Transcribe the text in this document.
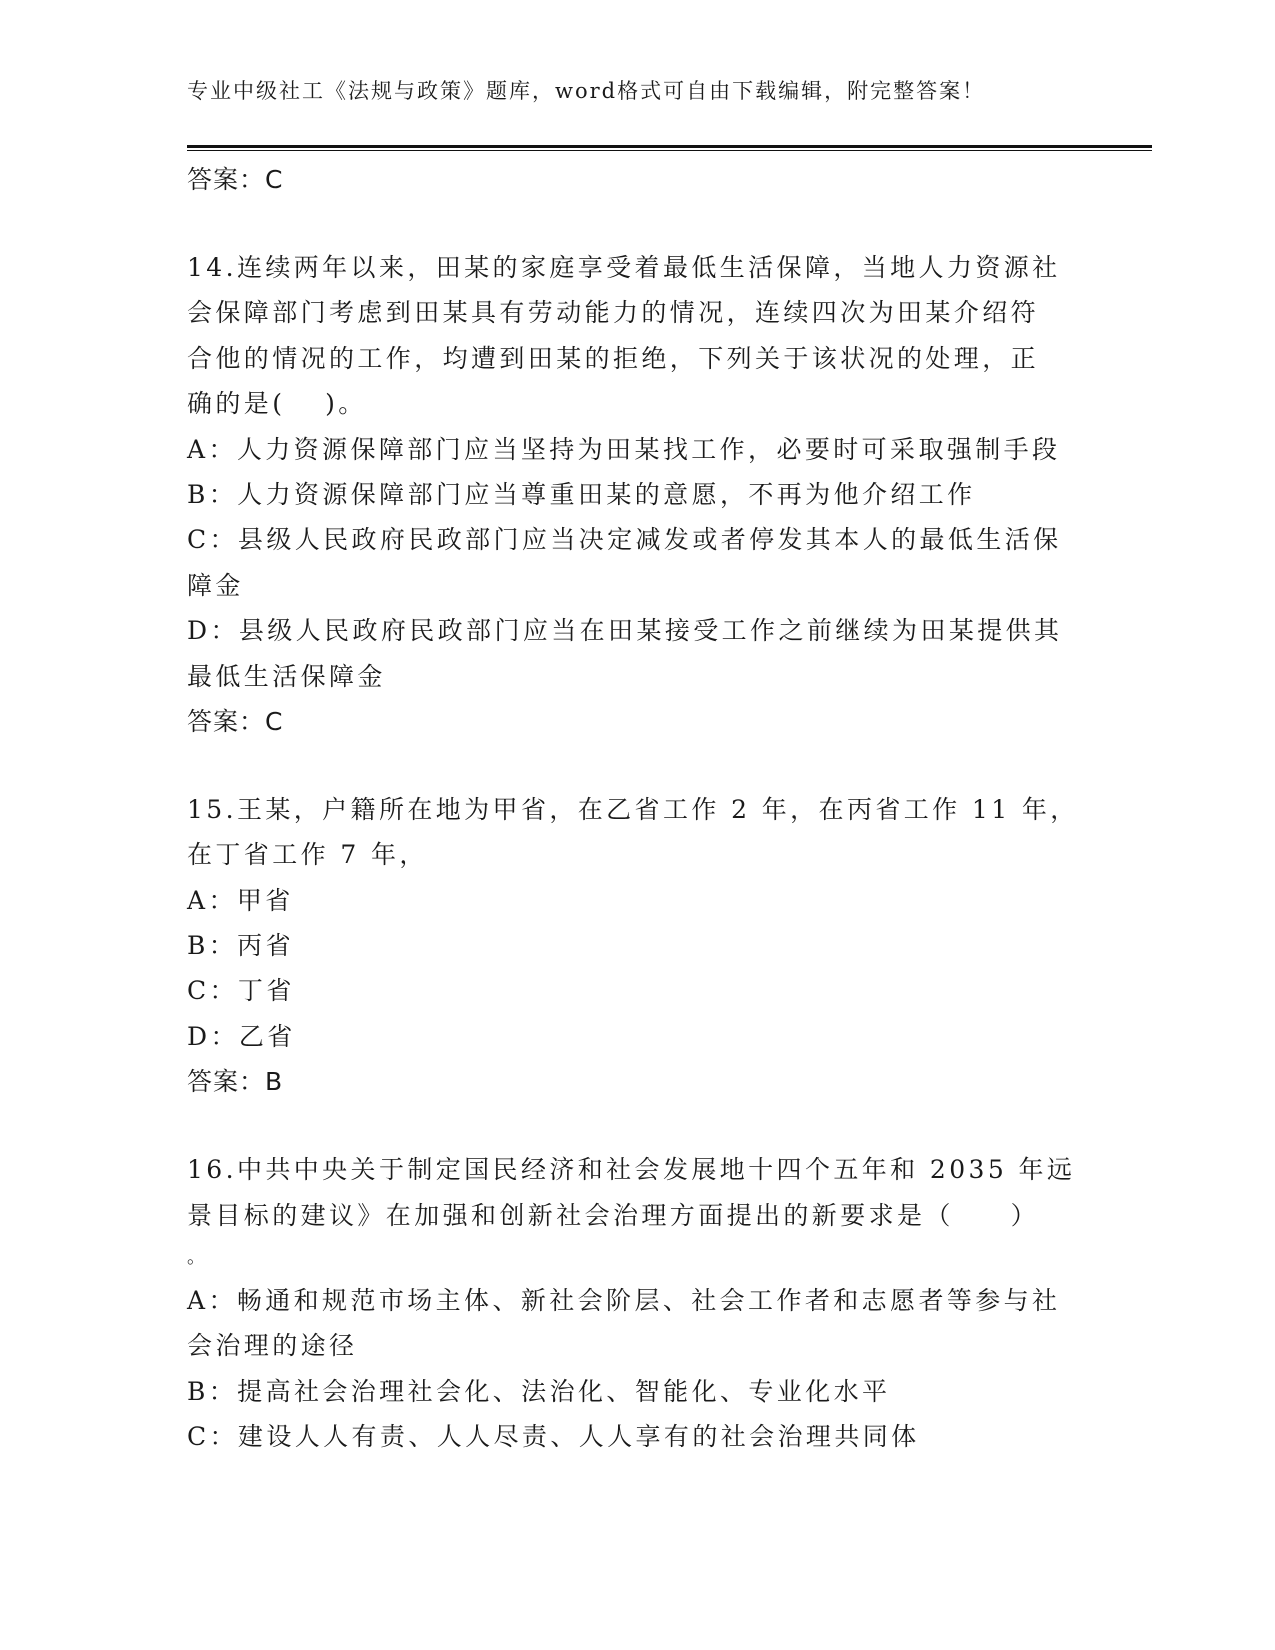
专业中级社工《法规与政策》题库，word格式可自由下载编辑，附完整答案！
答案：C
14.连续两年以来，田某的家庭享受着最低生活保障，当地人力资源社
会保障部门考虑到田某具有劳动能力的情况，连续四次为田某介绍符
合他的情况的工作，均遭到田某的拒绝，下列关于该状况的处理，正
确的是(　 )。
A：人力资源保障部门应当坚持为田某找工作，必要时可采取强制手段
B：人力资源保障部门应当尊重田某的意愿，不再为他介绍工作
C：县级人民政府民政部门应当决定减发或者停发其本人的最低生活保
障金
D：县级人民政府民政部门应当在田某接受工作之前继续为田某提供其
最低生活保障金
答案：C
15.王某，户籍所在地为甲省，在乙省工作 2 年，在丙省工作 11 年，
在丁省工作 7 年，
A：甲省
B：丙省
C：丁省
D：乙省
答案：B
16.中共中央关于制定国民经济和社会发展地十四个五年和 2035 年远
景目标的建议》在加强和创新社会治理方面提出的新要求是（　　）
。
A：畅通和规范市场主体、新社会阶层、社会工作者和志愿者等参与社
会治理的途径
B：提高社会治理社会化、法治化、智能化、专业化水平
C：建设人人有责、人人尽责、人人享有的社会治理共同体
